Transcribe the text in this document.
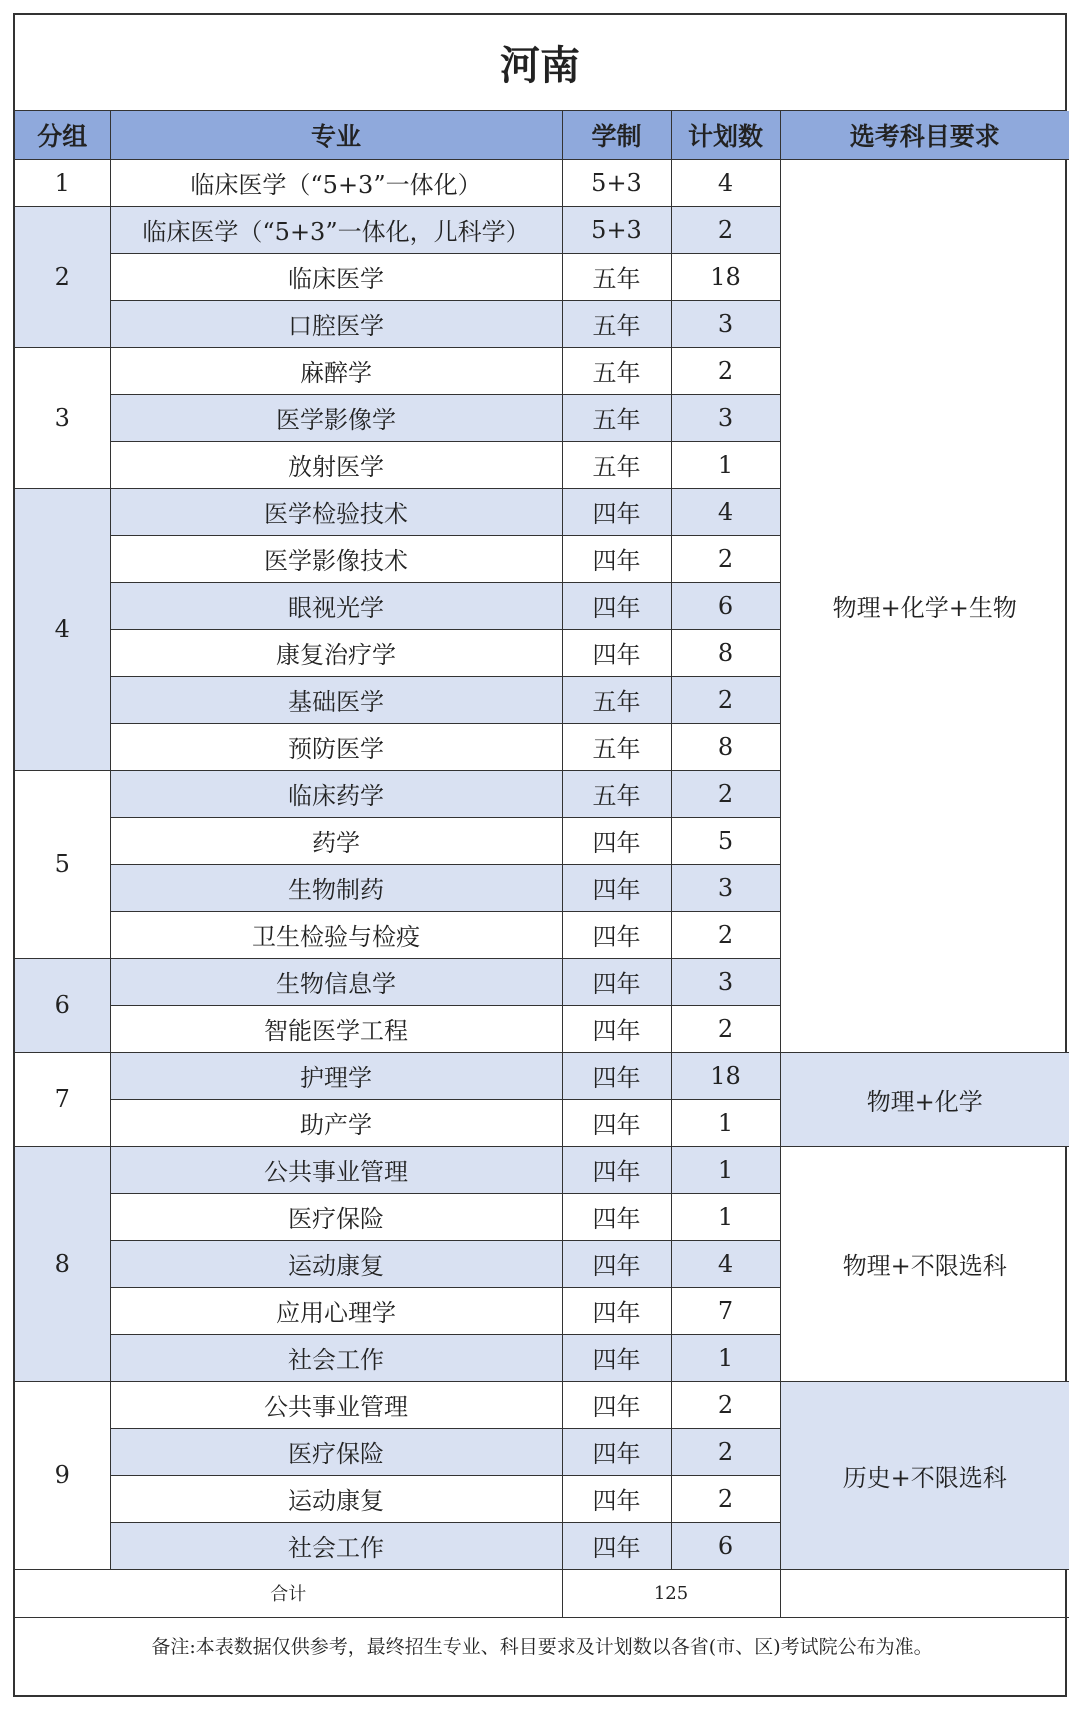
河南
分组	专业	学制	计划数	选考科目要求
1	临床医学（“5+3”一体化）	5+3	4	物理+化学+生物
2	临床医学（“5+3”一体化，儿科学）	5+3	2	
	临床医学	五年	18	
	口腔医学	五年	3	
3	麻醉学	五年	2	
	医学影像学	五年	3	
	放射医学	五年	1	
4	医学检验技术	四年	4	
	医学影像技术	四年	2	
	眼视光学	四年	6	
	康复治疗学	四年	8	
	基础医学	五年	2	
	预防医学	五年	8	
5	临床药学	五年	2	
	药学	四年	5	
	生物制药	四年	3	
	卫生检验与检疫	四年	2	
6	生物信息学	四年	3	
	智能医学工程	四年	2	
7	护理学	四年	18	物理+化学
	助产学	四年	1	
8	公共事业管理	四年	1	物理+不限选科
	医疗保险	四年	1	
	运动康复	四年	4	
	应用心理学	四年	7	
	社会工作	四年	1	
9	公共事业管理	四年	2	历史+不限选科
	医疗保险	四年	2	
	运动康复	四年	2	
	社会工作	四年	6	
合计		125		
备注:本表数据仅供参考，最终招生专业、科目要求及计划数以各省(市、区)考试院公布为准。				
